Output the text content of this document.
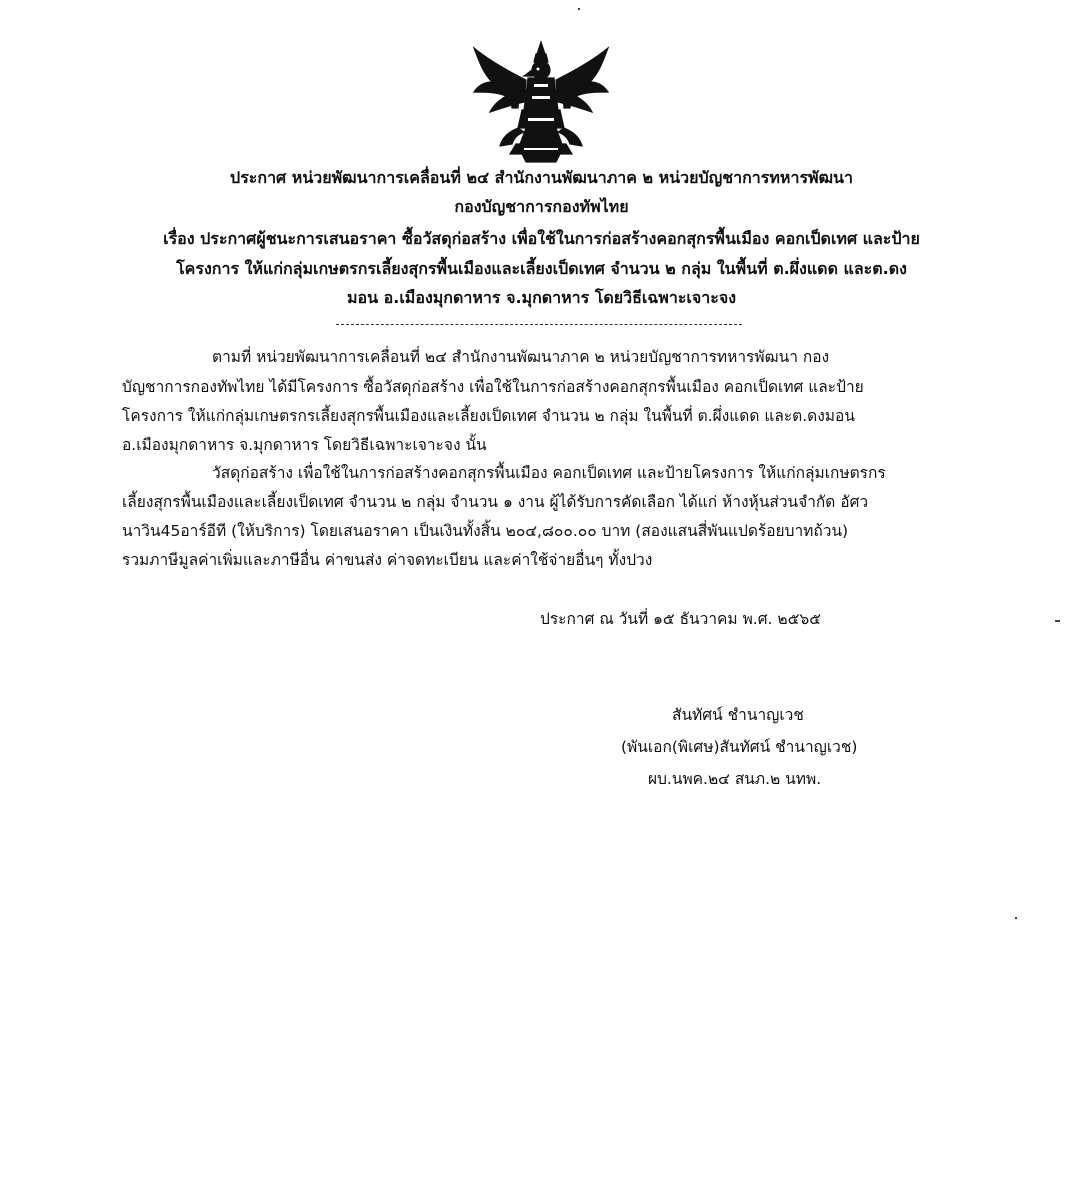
ประกาศ หน่วยพัฒนาการเคลื่อนที่ ๒๔ สำนักงานพัฒนาภาค ๒ หน่วยบัญชาการทหารพัฒนา
กองบัญชาการกองทัพไทย
เรื่อง ประกาศผู้ชนะการเสนอราคา ซื้อวัสดุก่อสร้าง เพื่อใช้ในการก่อสร้างคอกสุกรพื้นเมือง คอกเป็ดเทศ และป้าย
โครงการ ให้แก่กลุ่มเกษตรกรเลี้ยงสุกรพื้นเมืองและเลี้ยงเป็ดเทศ จำนวน ๒ กลุ่ม ในพื้นที่ ต.ผึ่งแดด และต.ดง
มอน อ.เมืองมุกดาหาร จ.มุกดาหาร โดยวิธีเฉพาะเจาะจง
ตามที่ หน่วยพัฒนาการเคลื่อนที่ ๒๔ สำนักงานพัฒนาภาค ๒ หน่วยบัญชาการทหารพัฒนา กอง
บัญชาการกองทัพไทย ได้มีโครงการ ซื้อวัสดุก่อสร้าง เพื่อใช้ในการก่อสร้างคอกสุกรพื้นเมือง คอกเป็ดเทศ และป้าย
โครงการ ให้แก่กลุ่มเกษตรกรเลี้ยงสุกรพื้นเมืองและเลี้ยงเป็ดเทศ จำนวน ๒ กลุ่ม ในพื้นที่ ต.ผึ่งแดด และต.ดงมอน
อ.เมืองมุกดาหาร จ.มุกดาหาร โดยวิธีเฉพาะเจาะจง นั้น
วัสดุก่อสร้าง เพื่อใช้ในการก่อสร้างคอกสุกรพื้นเมือง คอกเป็ดเทศ และป้ายโครงการ ให้แก่กลุ่มเกษตรกร
เลี้ยงสุกรพื้นเมืองและเลี้ยงเป็ดเทศ จำนวน ๒ กลุ่ม จำนวน ๑ งาน ผู้ได้รับการคัดเลือก ได้แก่ ห้างหุ้นส่วนจำกัด อัศว
นาวิน45อาร์อีที (ให้บริการ) โดยเสนอราคา เป็นเงินทั้งสิ้น ๒๐๔,๘๐๐.๐๐ บาท (สองแสนสี่พันแปดร้อยบาทถ้วน)
รวมภาษีมูลค่าเพิ่มและภาษีอื่น ค่าขนส่ง ค่าจดทะเบียน และค่าใช้จ่ายอื่นๆ ทั้งปวง
ประกาศ ณ วันที่ ๑๕ ธันวาคม พ.ศ. ๒๕๖๕
สันทัศน์ ชำนาญเวช
(พันเอก(พิเศษ)สันทัศน์ ชำนาญเวช)
ผบ.นพค.๒๔ สนภ.๒ นทพ.
